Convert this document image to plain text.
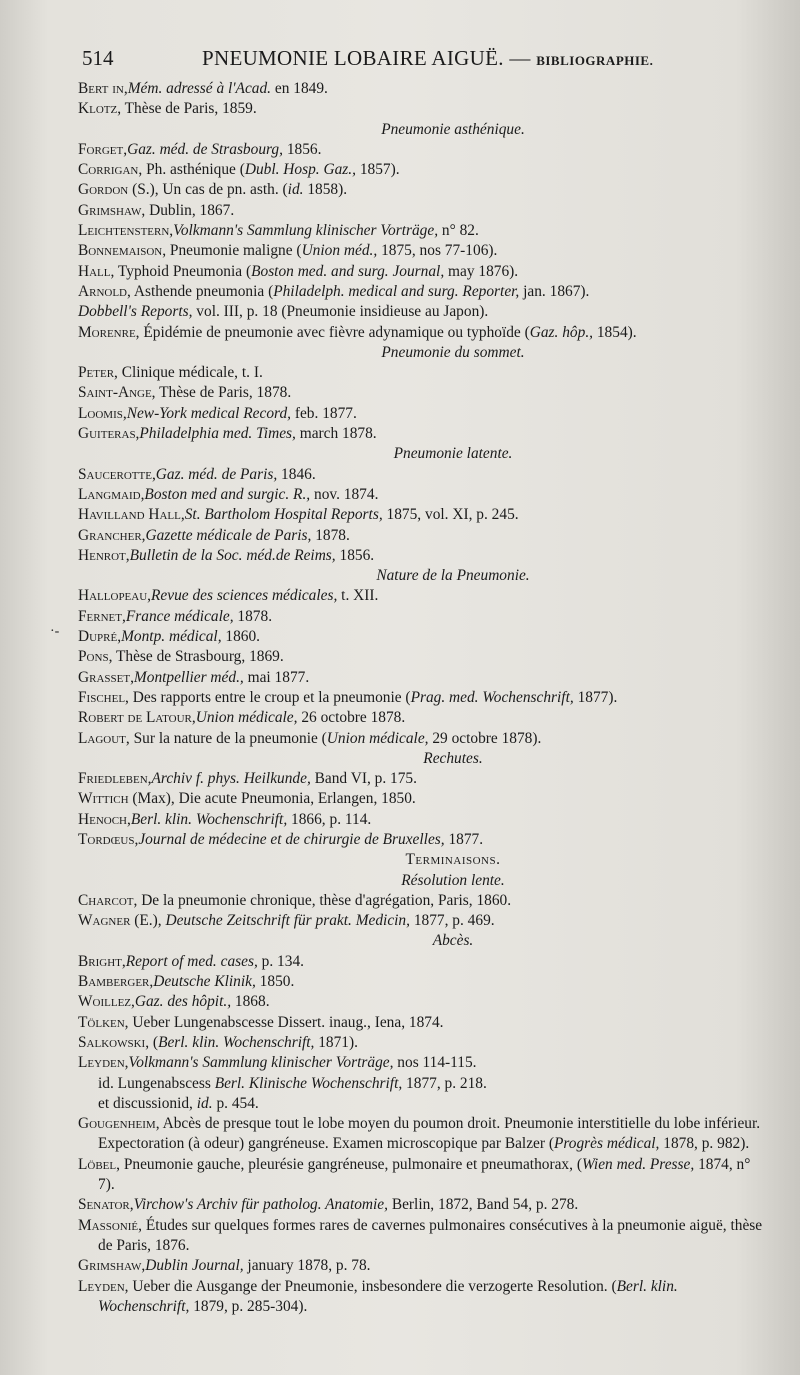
514	PNEUMONIE LOBAIRE AIGUË. — BIBLIOGRAPHIE.
·-
Bert in,Mém. adressé à l'Acad. en 1849.
Klotz, Thèse de Paris, 1859.
Pneumonie asthénique.
Forget,Gaz. méd. de Strasbourg, 1856.
Corrigan, Ph. asthénique (Dubl. Hosp. Gaz., 1857).
Gordon (S.), Un cas de pn. asth. (id. 1858).
Grimshaw, Dublin, 1867.
Leichtenstern,Volkmann's Sammlung klinischer Vorträge, n° 82.
Bonnemaison, Pneumonie maligne (Union méd., 1875, nos 77-106).
Hall, Typhoid Pneumonia (Boston med. and surg. Journal, may 1876).
Arnold, Asthende pneumonia (Philadelph. medical and surg. Reporter, jan. 1867).
Dobbell's Reports, vol. III, p. 18 (Pneumonie insidieuse au Japon).
Morenre, Épidémie de pneumonie avec fièvre adynamique ou typhoïde (Gaz. hôp., 1854).
Pneumonie du sommet.
Peter, Clinique médicale, t. I.
Saint-Ange, Thèse de Paris, 1878.
Loomis,New-York medical Record, feb. 1877.
Guiteras,Philadelphia med. Times, march 1878.
Pneumonie latente.
Saucerotte,Gaz. méd. de Paris, 1846.
Langmaid,Boston med and surgic. R., nov. 1874.
Havilland Hall,St. Bartholom Hospital Reports, 1875, vol. XI, p. 245.
Grancher,Gazette médicale de Paris, 1878.
Henrot,Bulletin de la Soc. méd.de Reims, 1856.
Nature de la Pneumonie.
Hallopeau,Revue des sciences médicales, t. XII.
Fernet,France médicale, 1878.
Dupré,Montp. médical, 1860.
Pons, Thèse de Strasbourg, 1869.
Grasset,Montpellier méd., mai 1877.
Fischel, Des rapports entre le croup et la pneumonie (Prag. med. Wochenschrift, 1877).
Robert de Latour,Union médicale, 26 octobre 1878.
Lagout, Sur la nature de la pneumonie (Union médicale, 29 octobre 1878).
Rechutes.
Friedleben,Archiv f. phys. Heilkunde, Band VI, p. 175.
Wittich (Max), Die acute Pneumonia, Erlangen, 1850.
Henoch,Berl. klin. Wochenschrift, 1866, p. 114.
Tordœus,Journal de médecine et de chirurgie de Bruxelles, 1877.
Terminaisons.
Résolution lente.
Charcot, De la pneumonie chronique, thèse d'agrégation, Paris, 1860.
Wagner (E.), Deutsche Zeitschrift für prakt. Medicin, 1877, p. 469.
Abcès.
Bright,Report of med. cases, p. 134.
Bamberger,Deutsche Klinik, 1850.
Woillez,Gaz. des hôpit., 1868.
Tölken, Ueber Lungenabscesse Dissert. inaug., Iena, 1874.
Salkowski, (Berl. klin. Wochenschrift, 1871).
Leyden,Volkmann's Sammlung klinischer Vorträge, nos 114-115.
id. Lungenabscess Berl. Klinische Wochenschrift, 1877, p. 218.
et discussionid, id. p. 454.
Gougenheim, Abcès de presque tout le lobe moyen du poumon droit. Pneumonie interstitielle du lobe inférieur. Expectoration (à odeur) gangréneuse. Examen microscopique par Balzer (Progrès médical, 1878, p. 982).
Löbel, Pneumonie gauche, pleurésie gangréneuse, pulmonaire et pneumathorax, (Wien med. Presse, 1874, n° 7).
Senator,Virchow's Archiv für patholog. Anatomie, Berlin, 1872, Band 54, p. 278.
Massonié, Études sur quelques formes rares de cavernes pulmonaires consécutives à la pneumonie aiguë, thèse de Paris, 1876.
Grimshaw,Dublin Journal, january 1878, p. 78.
Leyden, Ueber die Ausgange der Pneumonie, insbesondere die verzogerte Resolution. (Berl. klin. Wochenschrift, 1879, p. 285-304).
